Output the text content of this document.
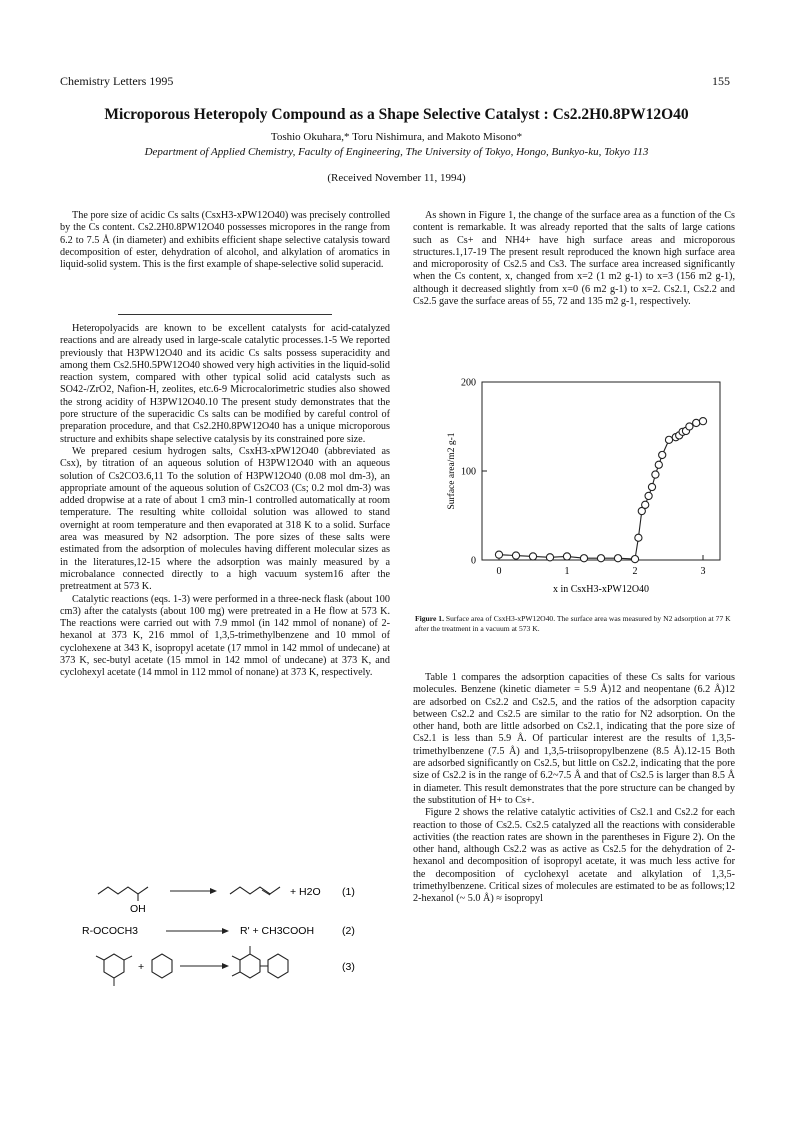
Chemistry Letters 1995	155
Microporous Heteropoly Compound as a Shape Selective Catalyst : Cs2.2H0.8PW12O40
Toshio Okuhara,* Toru Nishimura, and Makoto Misono*
Department of Applied Chemistry, Faculty of Engineering, The University of Tokyo, Hongo, Bunkyo-ku, Tokyo 113
(Received November 11, 1994)

The pore size of acidic Cs salts (CsxH3-xPW12O40) was precisely controlled by the Cs content. Cs2.2H0.8PW12O40 possesses micropores in the range from 6.2 to 7.5 Å (in diameter) and exhibits efficient shape selective catalysis toward decomposition of ester, dehydration of alcohol, and alkylation of aromatics in liquid-solid system. This is the first example of shape-selective solid superacid.

Heteropolyacids are known to be excellent catalysts for acid-catalyzed reactions and are already used in large-scale catalytic processes.1-5 We reported previously that H3PW12O40 and its acidic Cs salts possess superacidity and among them Cs2.5H0.5PW12O40 showed very high activities in the liquid-solid reaction system, compared with other typical solid acid catalysts such as SO42-/ZrO2, Nafion-H, zeolites, etc.6-9 Microcalorimetric studies also showed the strong acidity of H3PW12O40.10 The present study demonstrates that the pore structure of the superacidic Cs salts can be modified by careful control of preparation procedure, and that Cs2.2H0.8PW12O40 has a unique microporous structure and exhibits shape selective catalysis by its constrained pore size.

We prepared cesium hydrogen salts, CsxH3-xPW12O40 (abbreviated as Csx), by titration of an aqueous solution of H3PW12O40 with an aqueous solution of Cs2CO3.6,11 To the solution of H3PW12O40 (0.08 mol dm-3), an appropriate amount of the aqueous solution of Cs2CO3 (Cs; 0.2 mol dm-3) was added dropwise at a rate of about 1 cm3 min-1 controlled automatically at room temperature. The resulting white colloidal solution was allowed to stand overnight at room temperature and then evaporated at 318 K to a solid. Surface area was measured by N2 adsorption. The pore sizes of these salts were estimated from the adsorption of molecules having different molecular sizes as in the literatures,12-15 where the adsorption was mainly measured by a microbalance connected directly to a high vacuum system16 after the pretreatment at 573 K.

Catalytic reactions (eqs. 1-3) were performed in a three-neck flask (about 100 cm3) after the catalysts (about 100 mg) were pretreated in a He flow at 573 K. The reactions were carried out with 7.9 mmol (in 142 mmol of nonane) of 2-hexanol at 373 K, 216 mmol of 1,3,5-trimethylbenzene and 10 mmol of cyclohexene at 343 K, isopropyl acetate (17 mmol in 142 mmol of undecane) at 373 K, sec-butyl acetate (15 mmol in 142 mmol of undecane) at 373 K, and cyclohexyl acetate (14 mmol in 112 mmol of nonane) at 373 K, respectively.

As shown in Figure 1, the change of the surface area as a function of the Cs content is remarkable. It was already reported that the salts of large cations such as Cs+ and NH4+ have high surface areas and microporous structures.1,17-19 The present result reproduced the known high surface area and microporosity of Cs2.5 and Cs3. The surface area increased significantly when the Cs content, x, changed from x=2 (1 m2 g-1) to x=3 (156 m2 g-1), although it decreased slightly from x=0 (6 m2 g-1) to x=2. Cs2.1, Cs2.2 and Cs2.5 gave the surface areas of 55, 72 and 135 m2 g-1, respectively.

0	1	2	3
0
100
200
x in CsxH3-xPW12O40
Surface area/m2 g-1
Figure 1. Surface area of CsxH3-xPW12O40. The surface area was measured by N2 adsorption at 77 K after the treatment in a vacuum at 573 K.

Table 1 compares the adsorption capacities of these Cs salts for various molecules. Benzene (kinetic diameter = 5.9 Å)12 and neopentane (6.2 Å)12 are adsorbed on Cs2.2 and Cs2.5, and the ratios of the adsorption capacity between Cs2.2 and Cs2.5 are similar to the ratio for N2 adsorption. On the other hand, both are little adsorbed on Cs2.1, indicating that the pore size of Cs2.1 is less than 5.9 Å. Of particular interest are the results of 1,3,5-trimethylbenzene (7.5 Å) and 1,3,5-triisopropylbenzene (8.5 Å).12-15 Both are adsorbed significantly on Cs2.5, but little on Cs2.2, indicating that the pore size of Cs2.2 is in the range of 6.2~7.5 Å and that of Cs2.5 is larger than 8.5 Å in diameter. This result demonstrates that the pore structure can be changed by the substitution of H+ to Cs+.

Figure 2 shows the relative catalytic activities of Cs2.1 and Cs2.2 for each reaction to those of Cs2.5. Cs2.5 catalyzed all the reactions with considerable activities (the reaction rates are shown in the parentheses in Figure 2). On the other hand, although Cs2.2 was as active as Cs2.5 for the dehydration of 2-hexanol and decomposition of isopropyl acetate, it was much less active for the decomposition of cyclohexyl acetate and alkylation of 1,3,5-trimethylbenzene. Critical sizes of molecules are estimated to be as follows;12 2-hexanol (~ 5.0 Å) ≈ isopropyl

OH
+ H2O (1)
R-OCOCH3	R' + CH3COOH	(2)
+	(3)
